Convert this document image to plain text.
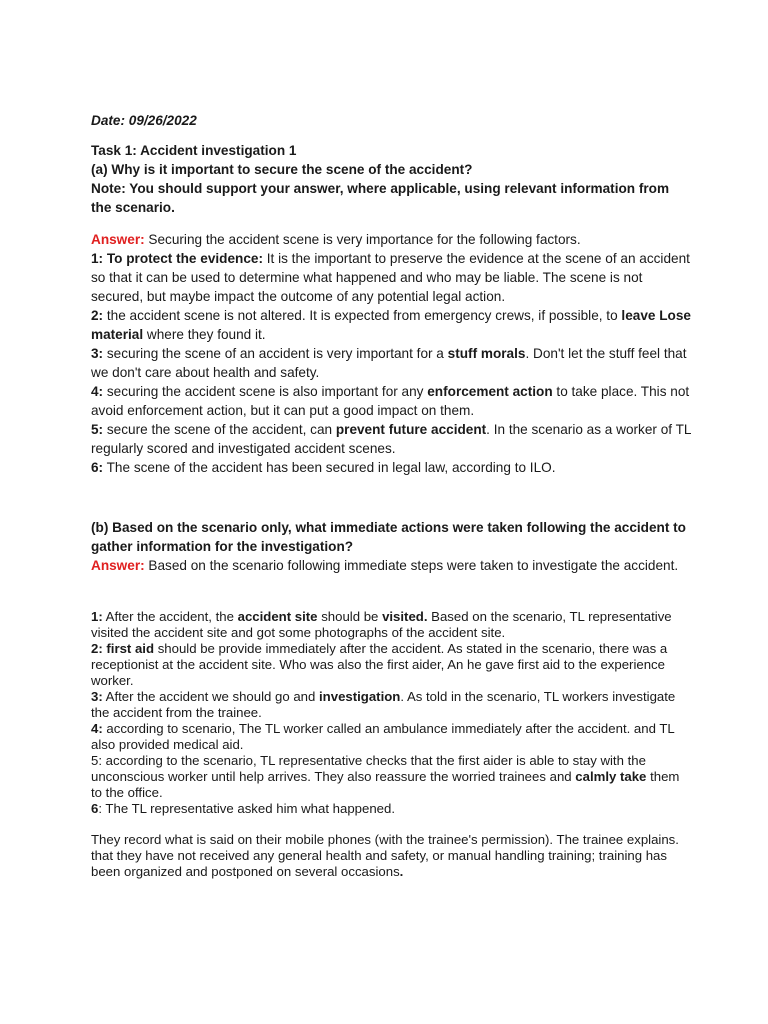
Date: 09/26/2022

Task 1: Accident investigation 1
(a) Why is it important to secure the scene of the accident?
Note: You should support your answer, where applicable, using relevant information from the scenario.
Answer: Securing the accident scene is very importance for the following factors.
1: To protect the evidence: It is the important to preserve the evidence at the scene of an accident so that it can be used to determine what happened and who may be liable. The scene is not secured, but maybe impact the outcome of any potential legal action.
2: the accident scene is not altered. It is expected from emergency crews, if possible, to leave Lose material where they found it.
3: securing the scene of an accident is very important for a stuff morals. Don't let the stuff feel that we don't care about health and safety.
4: securing the accident scene is also important for any enforcement action to take place. This not avoid enforcement action, but it can put a good impact on them.
5: secure the scene of the accident, can prevent future accident. In the scenario as a worker of TL regularly scored and investigated accident scenes.
6: The scene of the accident has been secured in legal law, according to ILO.
(b) Based on the scenario only, what immediate actions were taken following the accident to gather information for the investigation?
Answer: Based on the scenario following immediate steps were taken to investigate the accident.
1: After the accident, the accident site should be visited. Based on the scenario, TL representative visited the accident site and got some photographs of the accident site.
2: first aid should be provide immediately after the accident. As stated in the scenario, there was a receptionist at the accident site. Who was also the first aider, An he gave first aid to the experience worker.
3: After the accident we should go and investigation. As told in the scenario, TL workers investigate the accident from the trainee.
4: according to scenario, The TL worker called an ambulance immediately after the accident. and TL also provided medical aid.
5: according to the scenario, TL representative checks that the first aider is able to stay with the unconscious worker until help arrives. They also reassure the worried trainees and calmly take them to the office.
6: The TL representative asked him what happened.
They record what is said on their mobile phones (with the trainee's permission). The trainee explains. that they have not received any general health and safety, or manual handling training; training has been organized and postponed on several occasions.
